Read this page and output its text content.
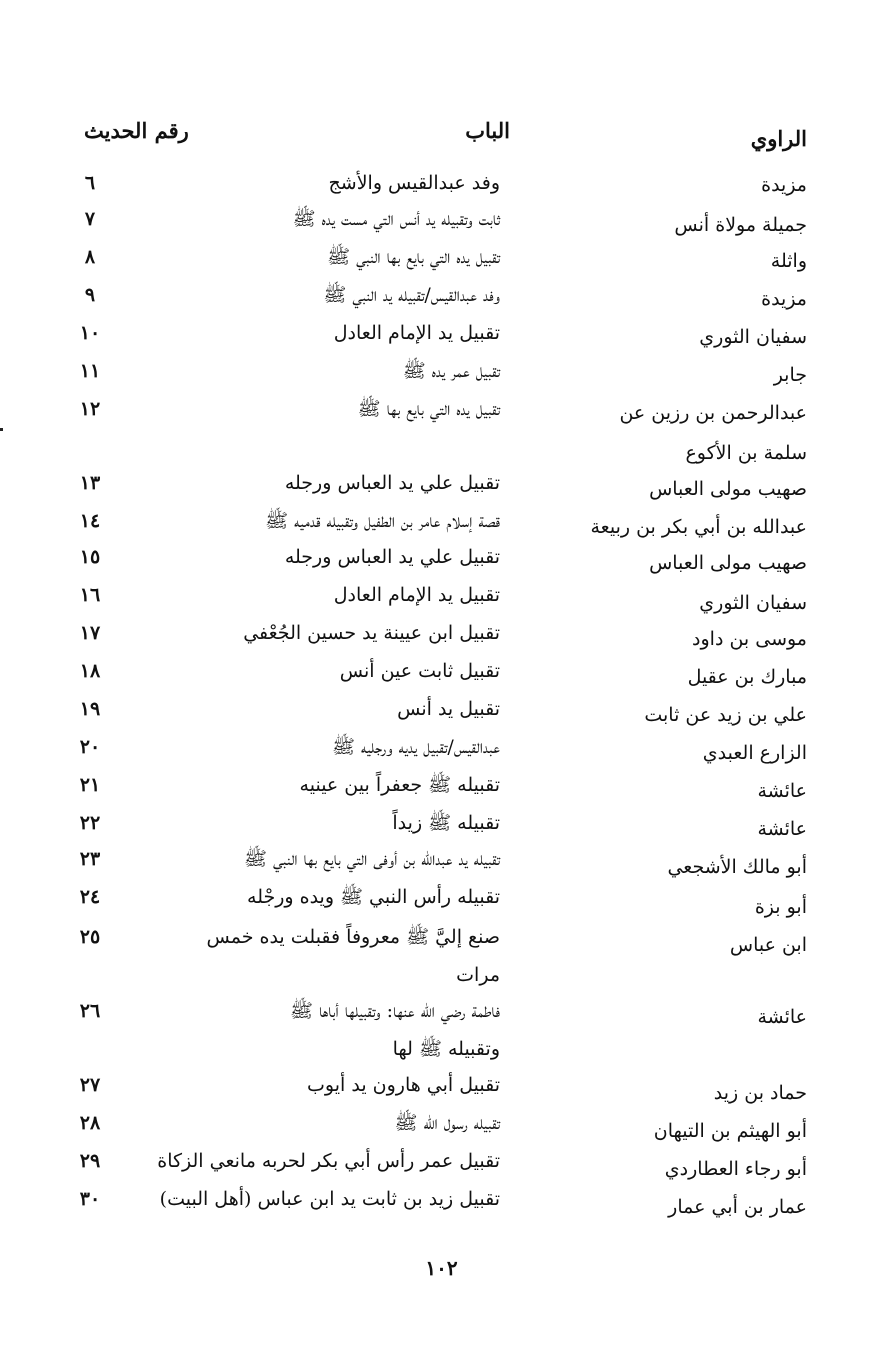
الراوي
الباب
رقم الحديث
مزيدة
وفد عبدالقيس والأشج
٦
جميلة مولاة أنس
ثابت وتقبيله يد أنس التي مست يده ﷺ
٧
واثلة
تقبيل يده التي بايع بها النبي ﷺ
٨
مزيدة
وفد عبدالقيس/تقبيله يد النبي ﷺ
٩
سفيان الثوري
تقبيل يد الإمام العادل
١٠
جابر
تقبيل عمر يده ﷺ
١١
عبدالرحمن بن رزين عن
تقبيل يده التي بايع بها ﷺ
١٢
سلمة بن الأكوع
صهيب مولى العباس
تقبيل علي يد العباس ورجله
١٣
عبدالله بن أبي بكر بن ربيعة
قصة إسلام عامر بن الطفيل وتقبيله قدميه ﷺ
١٤
صهيب مولى العباس
تقبيل علي يد العباس ورجله
١٥
سفيان الثوري
تقبيل يد الإمام العادل
١٦
موسى بن داود
تقبيل ابن عيينة يد حسين الجُعْفي
١٧
مبارك بن عقيل
تقبيل ثابت عين أنس
١٨
علي بن زيد عن ثابت
تقبيل يد أنس
١٩
الزارع العبدي
عبدالقيس/تقبيل يديه ورجليه ﷺ
٢٠
عائشة
تقبيله ﷺ جعفراً بين عينيه
٢١
عائشة
تقبيله ﷺ زيداً
٢٢
أبو مالك الأشجعي
تقبيله يد عبدالله بن أوفى التي بايع بها النبي ﷺ
٢٣
أبو بزة
تقبيله رأس النبي ﷺ ويده ورجْله
٢٤
ابن عباس
صنع إليَّ ﷺ معروفاً فقبلت يده خمس
مرات
٢٥
عائشة
فاطمة رضي الله عنها: وتقبيلها أباها ﷺ
وتقبيله ﷺ لها
٢٦
حماد بن زيد
تقبيل أبي هارون يد أيوب
٢٧
أبو الهيثم بن التيهان
تقبيله رسول الله ﷺ
٢٨
أبو رجاء العطاردي
تقبيل عمر رأس أبي بكر لحربه مانعي الزكاة
٢٩
عمار بن أبي عمار
تقبيل زيد بن ثابت يد ابن عباس (أهل البيت)
٣٠
١٠٢
